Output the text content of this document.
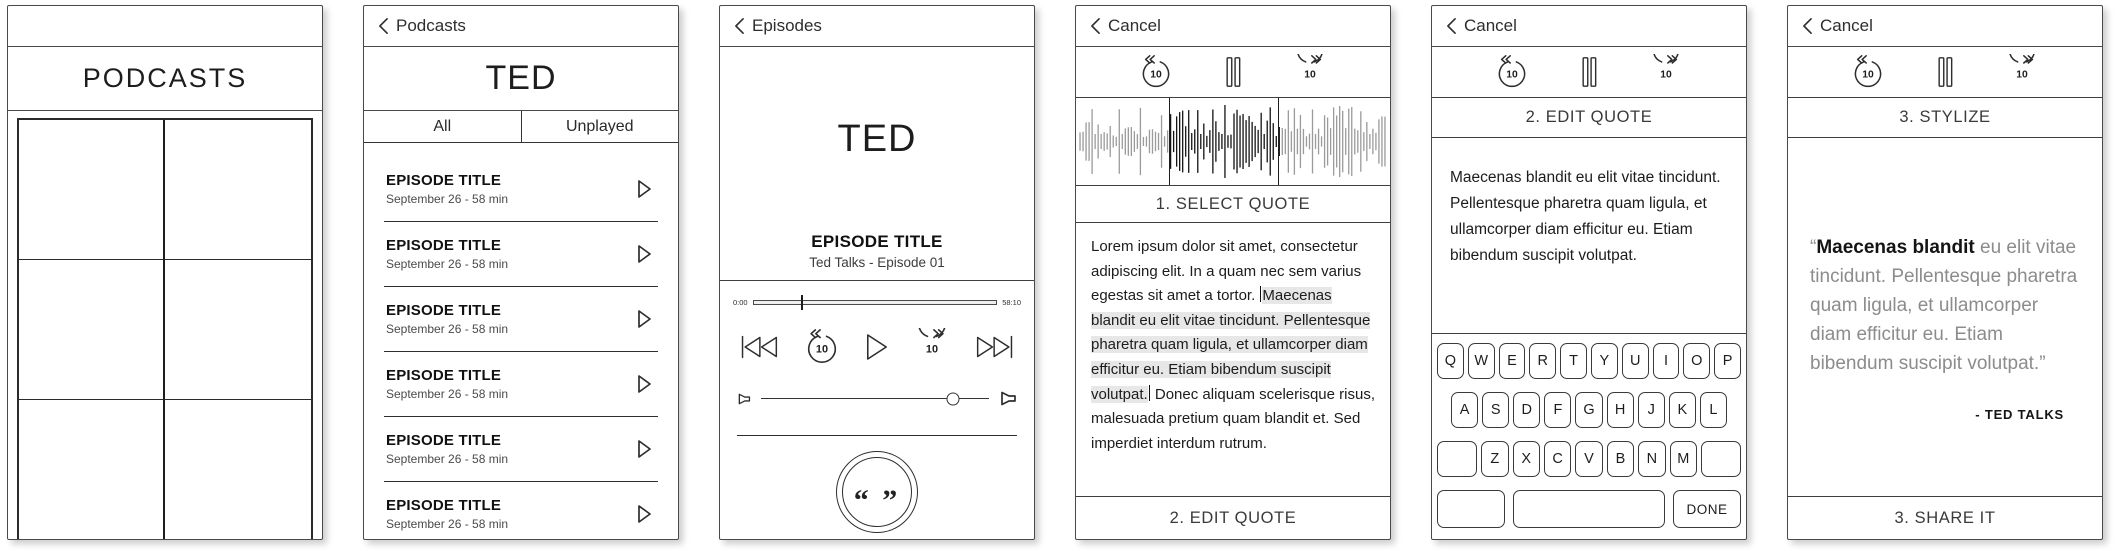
PODCASTS
Podcasts
TED
All	Unplayed
EPISODE TITLE
September 26 - 58 min
EPISODE TITLE
September 26 - 58 min
EPISODE TITLE
September 26 - 58 min
EPISODE TITLE
September 26 - 58 min
EPISODE TITLE
September 26 - 58 min
EPISODE TITLE
September 26 - 58 min
Episodes
TED
EPISODE TITLE
Ted Talks - Episode 01
0:00	58:10
10	10
“ ”
Cancel
10	10
1. SELECT QUOTE

Lorem ipsum dolor sit amet, consectetur adipiscing elit. In a quam nec sem varius egestas sit amet a tortor. Maecenas blandit eu elit vitae tincidunt. Pellentesque pharetra quam ligula, et ullamcorper diam efficitur eu. Etiam bibendum suscipit volutpat. Donec aliquam scelerisque risus, malesuada pretium quam blandit et. Sed imperdiet interdum rutrum.

2. EDIT QUOTE
Cancel
10	10
2. EDIT QUOTE
Maecenas blandit eu elit vitae tincidunt. Pellentesque pharetra quam ligula, et ullamcorper diam efficitur eu. Etiam bibendum suscipit volutpat.
Q	W	E	R	T	Y	U	I	O	P
A	S	D	F	G	H	J	K	L
Z	X	C	V	B	N	M
DONE
Cancel
10	10
3. STYLIZE
“Maecenas blandit eu elit vitae tincidunt. Pellentesque pharetra quam ligula, et ullamcorper diam efficitur eu. Etiam bibendum suscipit volutpat.”
- TED TALKS
3. SHARE IT
